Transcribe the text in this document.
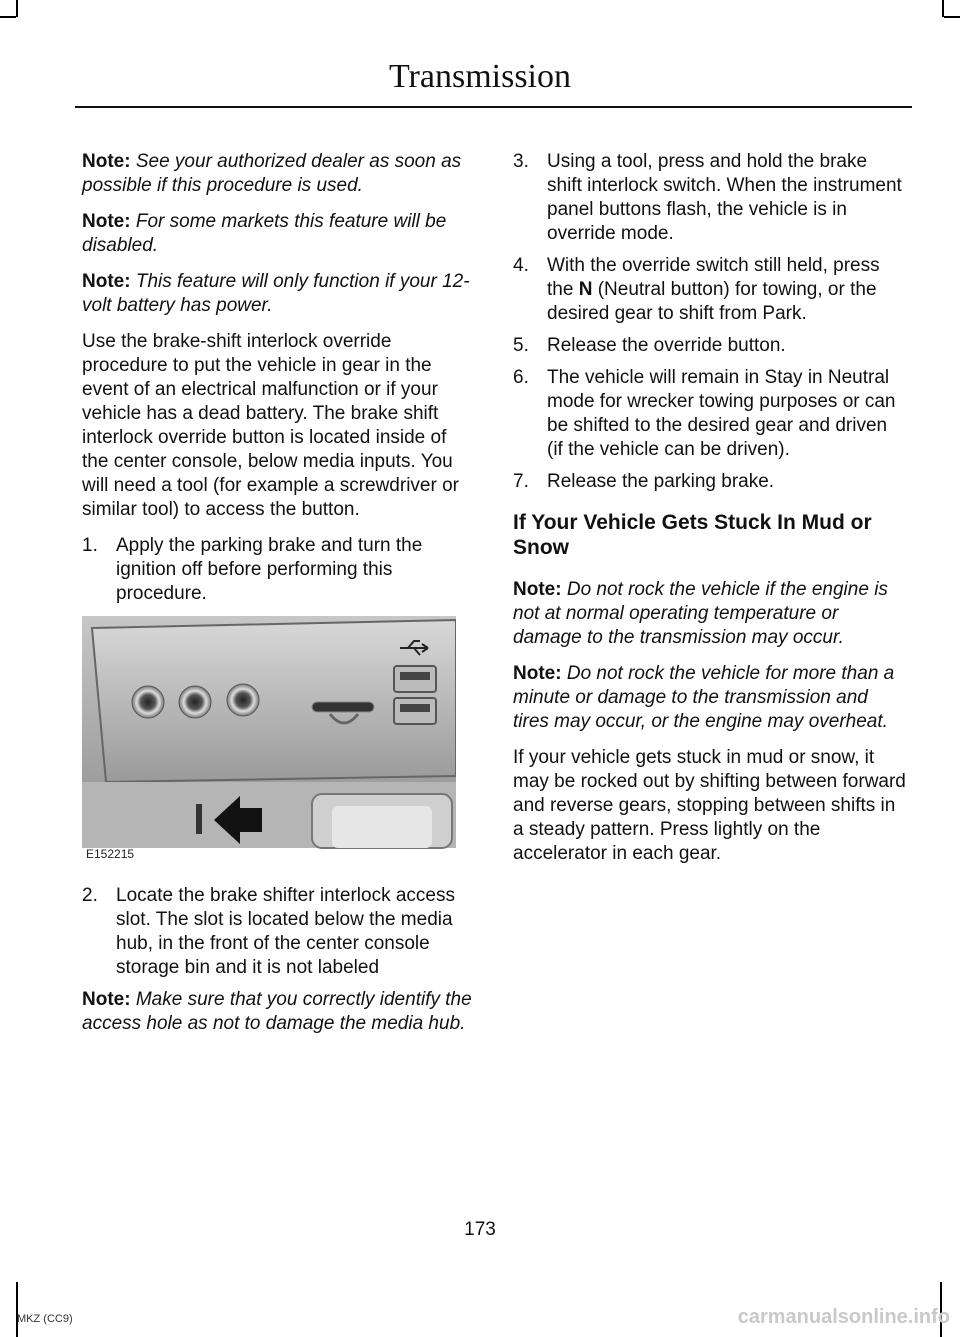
Transmission

Note: See your authorized dealer as soon as possible if this procedure is used.

Note: For some markets this feature will be disabled.

Note: This feature will only function if your 12-volt battery has power.

Use the brake-shift interlock override procedure to put the vehicle in gear in the event of an electrical malfunction or if your vehicle has a dead battery. The brake shift interlock override button is located inside of the center console, below media inputs. You will need a tool (for example a screwdriver or similar tool) to access the button.

1. Apply the parking brake and turn the ignition off before performing this procedure.
E152215
2. Locate the brake shifter interlock access slot. The slot is located below the media hub, in the front of the center console storage bin and it is not labeled

Note: Make sure that you correctly identify the access hole as not to damage the media hub.

3. Using a tool, press and hold the brake shift interlock switch. When the instrument panel buttons flash, the vehicle is in override mode.
4. With the override switch still held, press the N (Neutral button) for towing, or the desired gear to shift from Park.
5. Release the override button.
6. The vehicle will remain in Stay in Neutral mode for wrecker towing purposes or can be shifted to the desired gear and driven (if the vehicle can be driven).
7. Release the parking brake.
If Your Vehicle Gets Stuck In Mud or Snow

Note: Do not rock the vehicle if the engine is not at normal operating temperature or damage to the transmission may occur.

Note: Do not rock the vehicle for more than a minute or damage to the transmission and tires may occur, or the engine may overheat.

If your vehicle gets stuck in mud or snow, it may be rocked out by shifting between forward and reverse gears, stopping between shifts in a steady pattern. Press lightly on the accelerator in each gear.

173
MKZ (CC9)	carmanualsonline.info
